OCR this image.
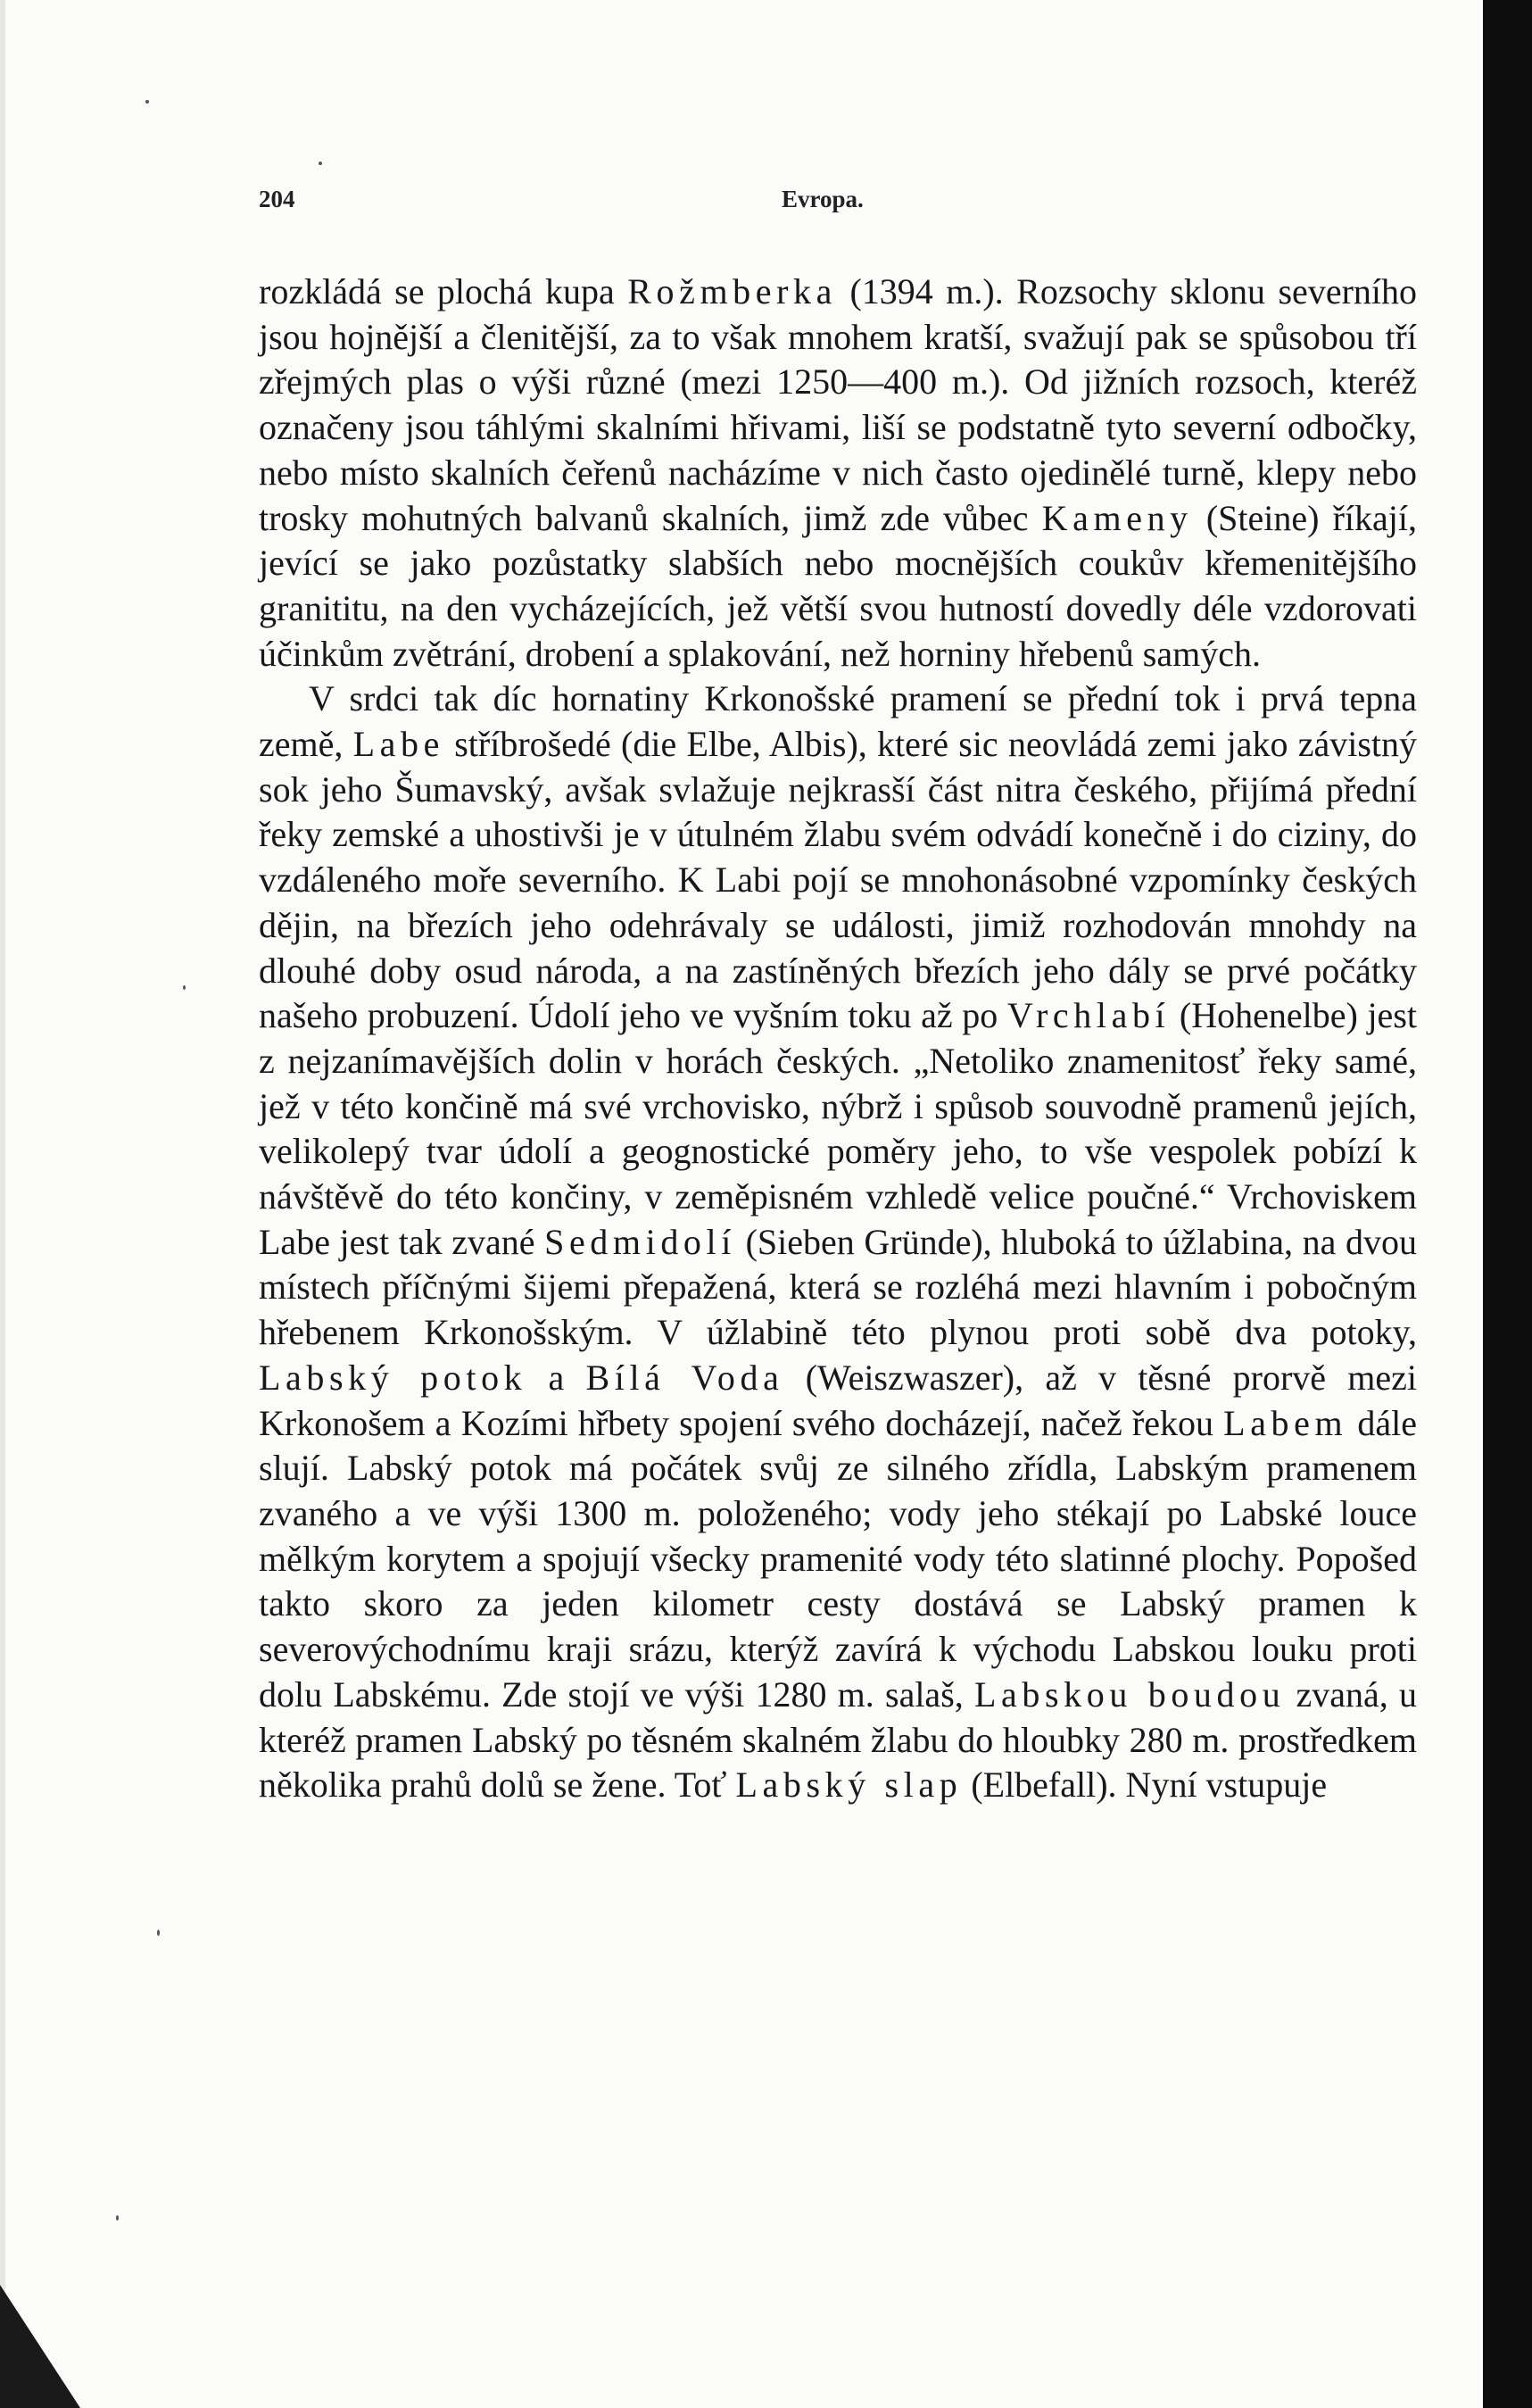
204	Evropa.

rozkládá se plochá kupa Rožmberka (1394 m.). Rozsochy sklonu severního jsou hojnější a členitější, za to však mnohem kratší, svažují pak se spůsobou tří zřejmých plas o výši různé (mezi 1250—400 m.). Od jižních rozsoch, kteréž označeny jsou táhlými skalními hřivami, liší se podstatně tyto severní odbočky, nebo místo skalních čeřenů nacházíme v nich často ojedinělé turně, klepy nebo trosky mohutných balvanů skalních, jimž zde vůbec Kameny (Steine) říkají, jevící se jako pozůstatky slabších nebo mocnějších coukův křemenitějšího granititu, na den vycházejících, jež větší svou hutností dovedly déle vzdorovati účinkům zvětrání, drobení a splakování, než horniny hřebenů samých.

V srdci tak díc hornatiny Krkonošské pramení se přední tok i prvá tepna země, Labe stříbrošedé (die Elbe, Albis), které sic neovládá zemi jako závistný sok jeho Šumavský, avšak svlažuje nejkrasší část nitra českého, přijímá přední řeky zemské a uhostivši je v útulném žlabu svém odvádí konečně i do ciziny, do vzdáleného moře severního. K Labi pojí se mnohonásobné vzpomínky českých dějin, na březích jeho odehrávaly se události, jimiž rozhodován mnohdy na dlouhé doby osud národa, a na zastíněných březích jeho dály se prvé počátky našeho probuzení. Údolí jeho ve vyšním toku až po Vrchlabí (Hohenelbe) jest z nejzanímavějších dolin v horách českých. „Netoliko znamenitosť řeky samé, jež v této končině má své vrchovisko, nýbrž i spůsob souvodně pramenů jejích, velikolepý tvar údolí a geognostické poměry jeho, to vše vespolek pobízí k návštěvě do této končiny, v zeměpisném vzhledě velice poučné.“ Vrchoviskem Labe jest tak zvané Sedmidolí (Sieben Gründe), hluboká to úžlabina, na dvou místech příčnými šijemi přepažená, která se rozléhá mezi hlavním i pobočným hřebenem Krkonošským. V úžlabině této plynou proti sobě dva potoky, Labský potok a Bílá Voda (Weiszwaszer), až v těsné prorvě mezi Krkonošem a Kozími hřbety spojení svého docházejí, načež řekou Labem dále slují. Labský potok má počátek svůj ze silného zřídla, Labským pramenem zvaného a ve výši 1300 m. položeného; vody jeho stékají po Labské louce mělkým korytem a spojují všecky pramenité vody této slatinné plochy. Popošed takto skoro za jeden kilometr cesty dostává se Labský pramen k severovýchodnímu kraji srázu, kterýž zavírá k východu Labskou louku proti dolu Labskému. Zde stojí ve výši 1280 m. salaš, Labskou boudou zvaná, u kteréž pramen Labský po těsném skalném žlabu do hloubky 280 m. prostředkem několika prahů dolů se žene. Toť Labský slap (Elbefall). Nyní vstupuje
